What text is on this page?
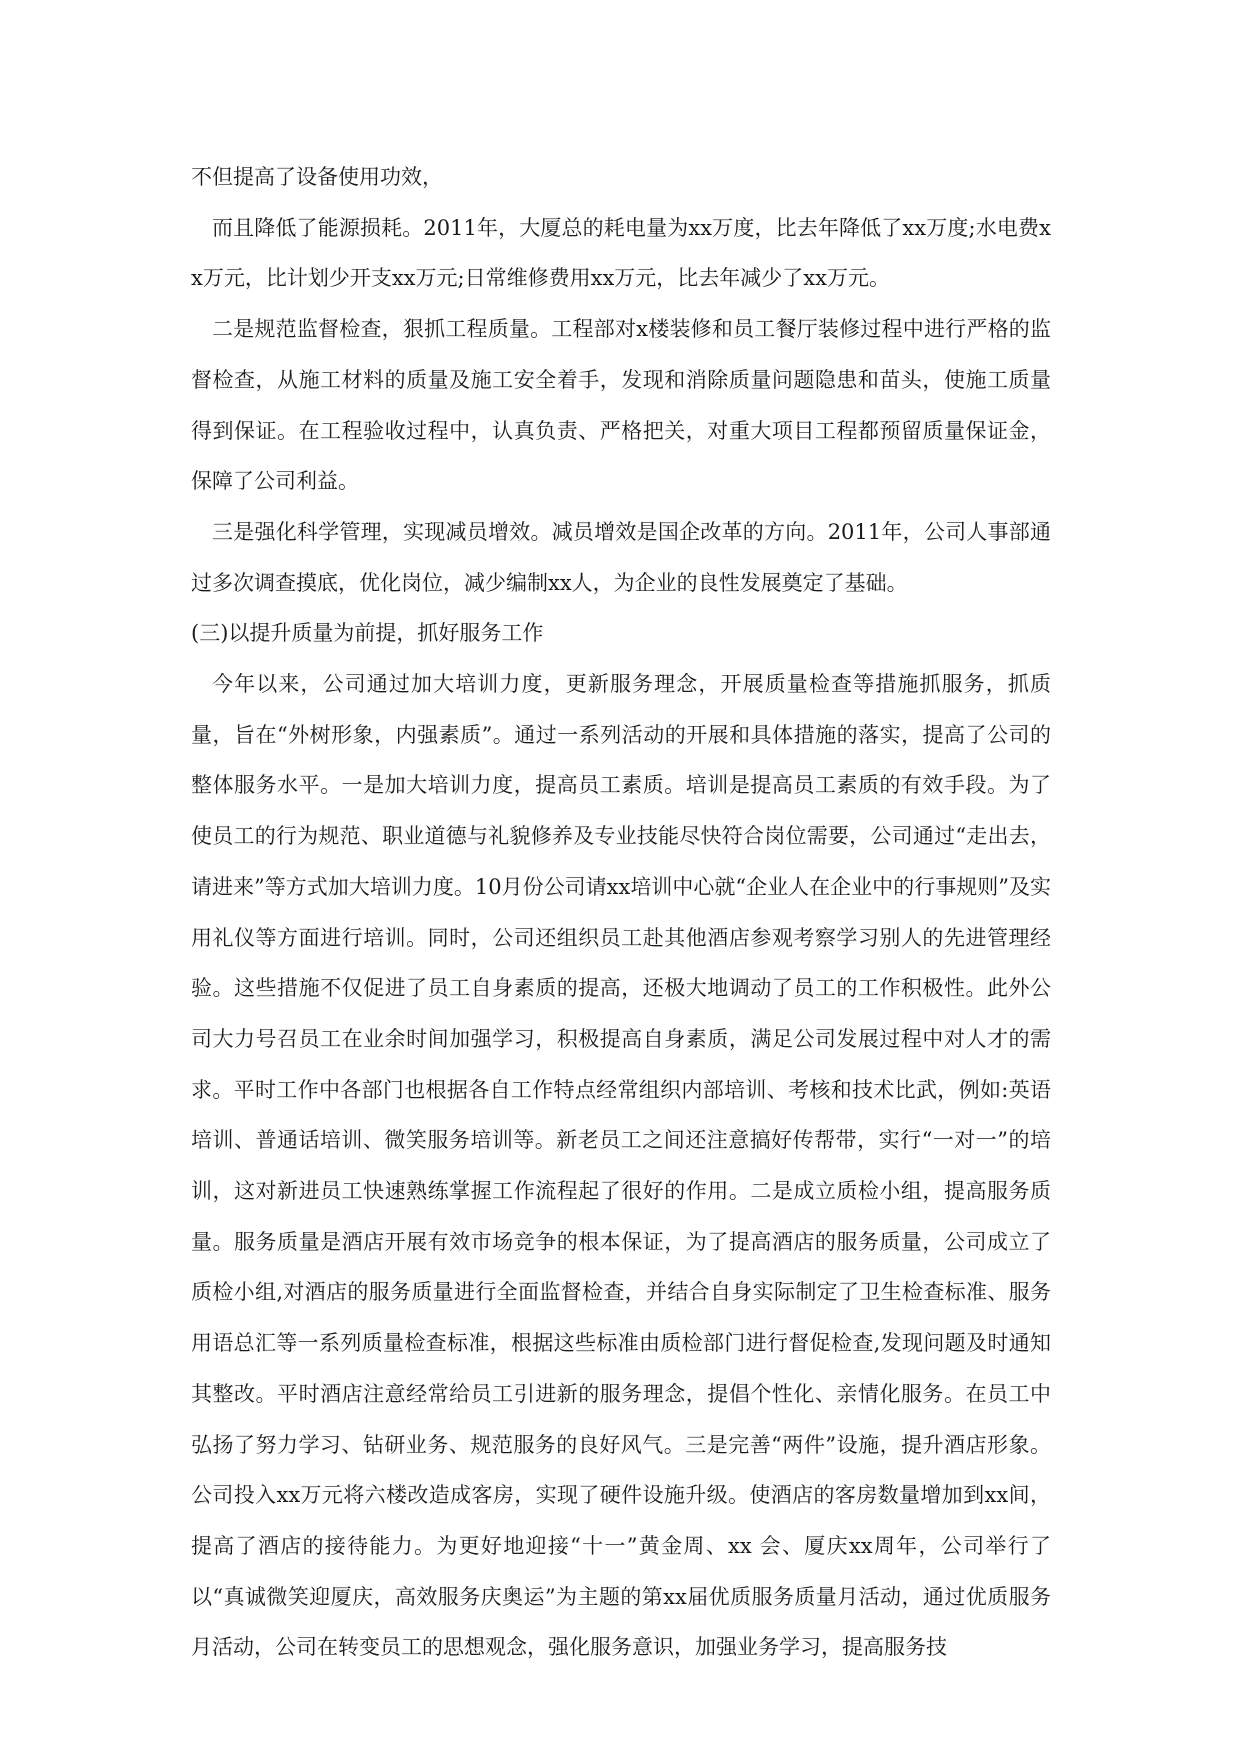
不但提高了设备使用功效，

而且降低了能源损耗。2011年，大厦总的耗电量为xx万度，比去年降低了xx万度;水电费xx万元，比计划少开支xx万元;日常维修费用xx万元，比去年减少了xx万元。

二是规范监督检查，狠抓工程质量。工程部对x楼装修和员工餐厅装修过程中进行严格的监督检查，从施工材料的质量及施工安全着手，发现和消除质量问题隐患和苗头，使施工质量得到保证。在工程验收过程中，认真负责、严格把关，对重大项目工程都预留质量保证金，保障了公司利益。

三是强化科学管理，实现减员增效。减员增效是国企改革的方向。2011年，公司人事部通过多次调查摸底，优化岗位，减少编制xx人，为企业的良性发展奠定了基础。

(三)以提升质量为前提，抓好服务工作

今年以来，公司通过加大培训力度，更新服务理念，开展质量检查等措施抓服务，抓质量，旨在“外树形象，内强素质”。通过一系列活动的开展和具体措施的落实，提高了公司的整体服务水平。一是加大培训力度，提高员工素质。培训是提高员工素质的有效手段。为了使员工的行为规范、职业道德与礼貌修养及专业技能尽快符合岗位需要，公司通过“走出去，请进来”等方式加大培训力度。10月份公司请xx培训中心就“企业人在企业中的行事规则”及实用礼仪等方面进行培训。同时，公司还组织员工赴其他酒店参观考察学习别人的先进管理经验。这些措施不仅促进了员工自身素质的提高，还极大地调动了员工的工作积极性。此外公司大力号召员工在业余时间加强学习，积极提高自身素质，满足公司发展过程中对人才的需求。平时工作中各部门也根据各自工作特点经常组织内部培训、考核和技术比武，例如:英语培训、普通话培训、微笑服务培训等。新老员工之间还注意搞好传帮带，实行“一对一”的培训，这对新进员工快速熟练掌握工作流程起了很好的作用。二是成立质检小组，提高服务质量。服务质量是酒店开展有效市场竞争的根本保证，为了提高酒店的服务质量，公司成立了质检小组,对酒店的服务质量进行全面监督检查，并结合自身实际制定了卫生检查标准、服务用语总汇等一系列质量检查标准，根据这些标准由质检部门进行督促检查,发现问题及时通知其整改。平时酒店注意经常给员工引进新的服务理念，提倡个性化、亲情化服务。在员工中弘扬了努力学习、钻研业务、规范服务的良好风气。三是完善“两件”设施，提升酒店形象。公司投入xx万元将六楼改造成客房，实现了硬件设施升级。使酒店的客房数量增加到xx间，提高了酒店的接待能力。为更好地迎接“十一”黄金周、xx 会、厦庆xx周年，公司举行了以“真诚微笑迎厦庆，高效服务庆奥运”为主题的第xx届优质服务质量月活动，通过优质服务月活动，公司在转变员工的思想观念，强化服务意识，加强业务学习，提高服务技
